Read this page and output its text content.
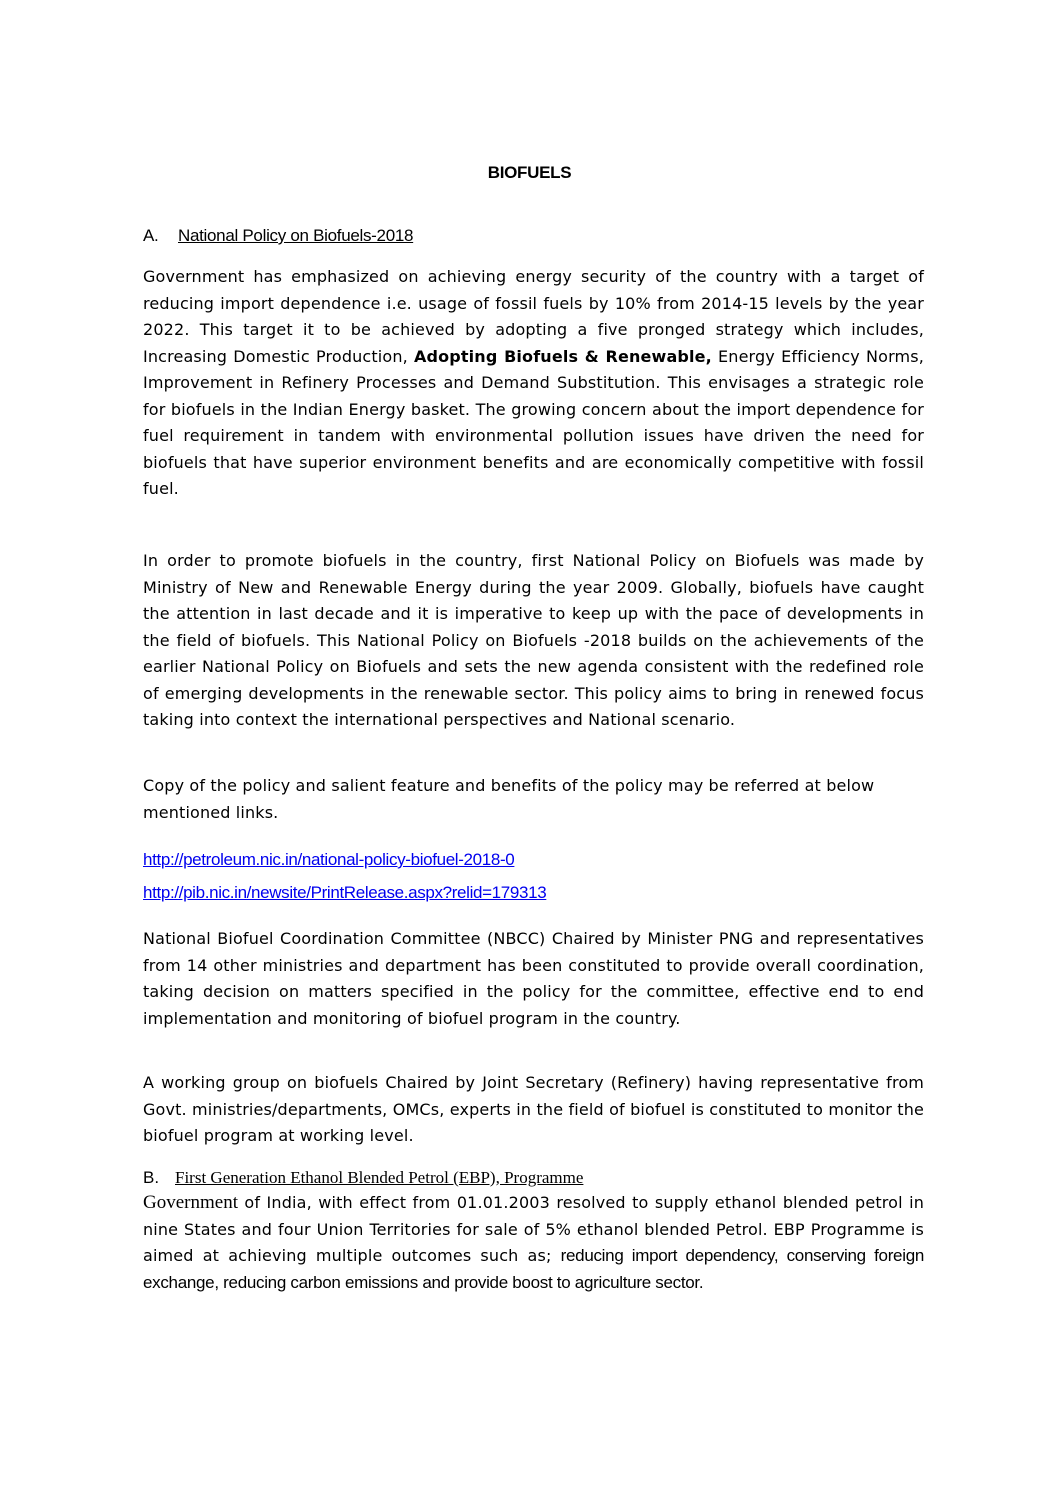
BIOFUELS
A. National Policy on Biofuels-2018

Government has emphasized on achieving energy security of the country with a target of reducing import dependence i.e. usage of fossil fuels by 10% from 2014-15 levels by the year 2022. This target it to be achieved by adopting a five pronged strategy which includes, Increasing Domestic Production, Adopting Biofuels & Renewable, Energy Efficiency Norms, Improvement in Refinery Processes and Demand Substitution. This envisages a strategic role for biofuels in the Indian Energy basket. The growing concern about the import dependence for fuel requirement in tandem with environmental pollution issues have driven the need for biofuels that have superior environment benefits and are economically competitive with fossil fuel.

In order to promote biofuels in the country, first National Policy on Biofuels was made by Ministry of New and Renewable Energy during the year 2009. Globally, biofuels have caught the attention in last decade and it is imperative to keep up with the pace of developments in the field of biofuels. This National Policy on Biofuels -2018 builds on the achievements of the earlier National Policy on Biofuels and sets the new agenda consistent with the redefined role of emerging developments in the renewable sector. This policy aims to bring in renewed focus taking into context the international perspectives and National scenario.

Copy of the policy and salient feature and benefits of the policy may be referred at below mentioned links.

http://petroleum.nic.in/national-policy-biofuel-2018-0
http://pib.nic.in/newsite/PrintRelease.aspx?relid=179313

National Biofuel Coordination Committee (NBCC) Chaired by Minister PNG and representatives from 14 other ministries and department has been constituted to provide overall coordination, taking decision on matters specified in the policy for the committee, effective end to end implementation and monitoring of biofuel program in the country.

A working group on biofuels Chaired by Joint Secretary (Refinery) having representative from Govt. ministries/departments, OMCs, experts in the field of biofuel is constituted to monitor the biofuel program at working level.

B. First Generation Ethanol Blended Petrol (EBP), Programme

Government of India, with effect from 01.01.2003 resolved to supply ethanol blended petrol in nine States and four Union Territories for sale of 5% ethanol blended Petrol. EBP Programme is aimed at achieving multiple outcomes such as; reducing import dependency, conserving foreign exchange, reducing carbon emissions and provide boost to agriculture sector.
